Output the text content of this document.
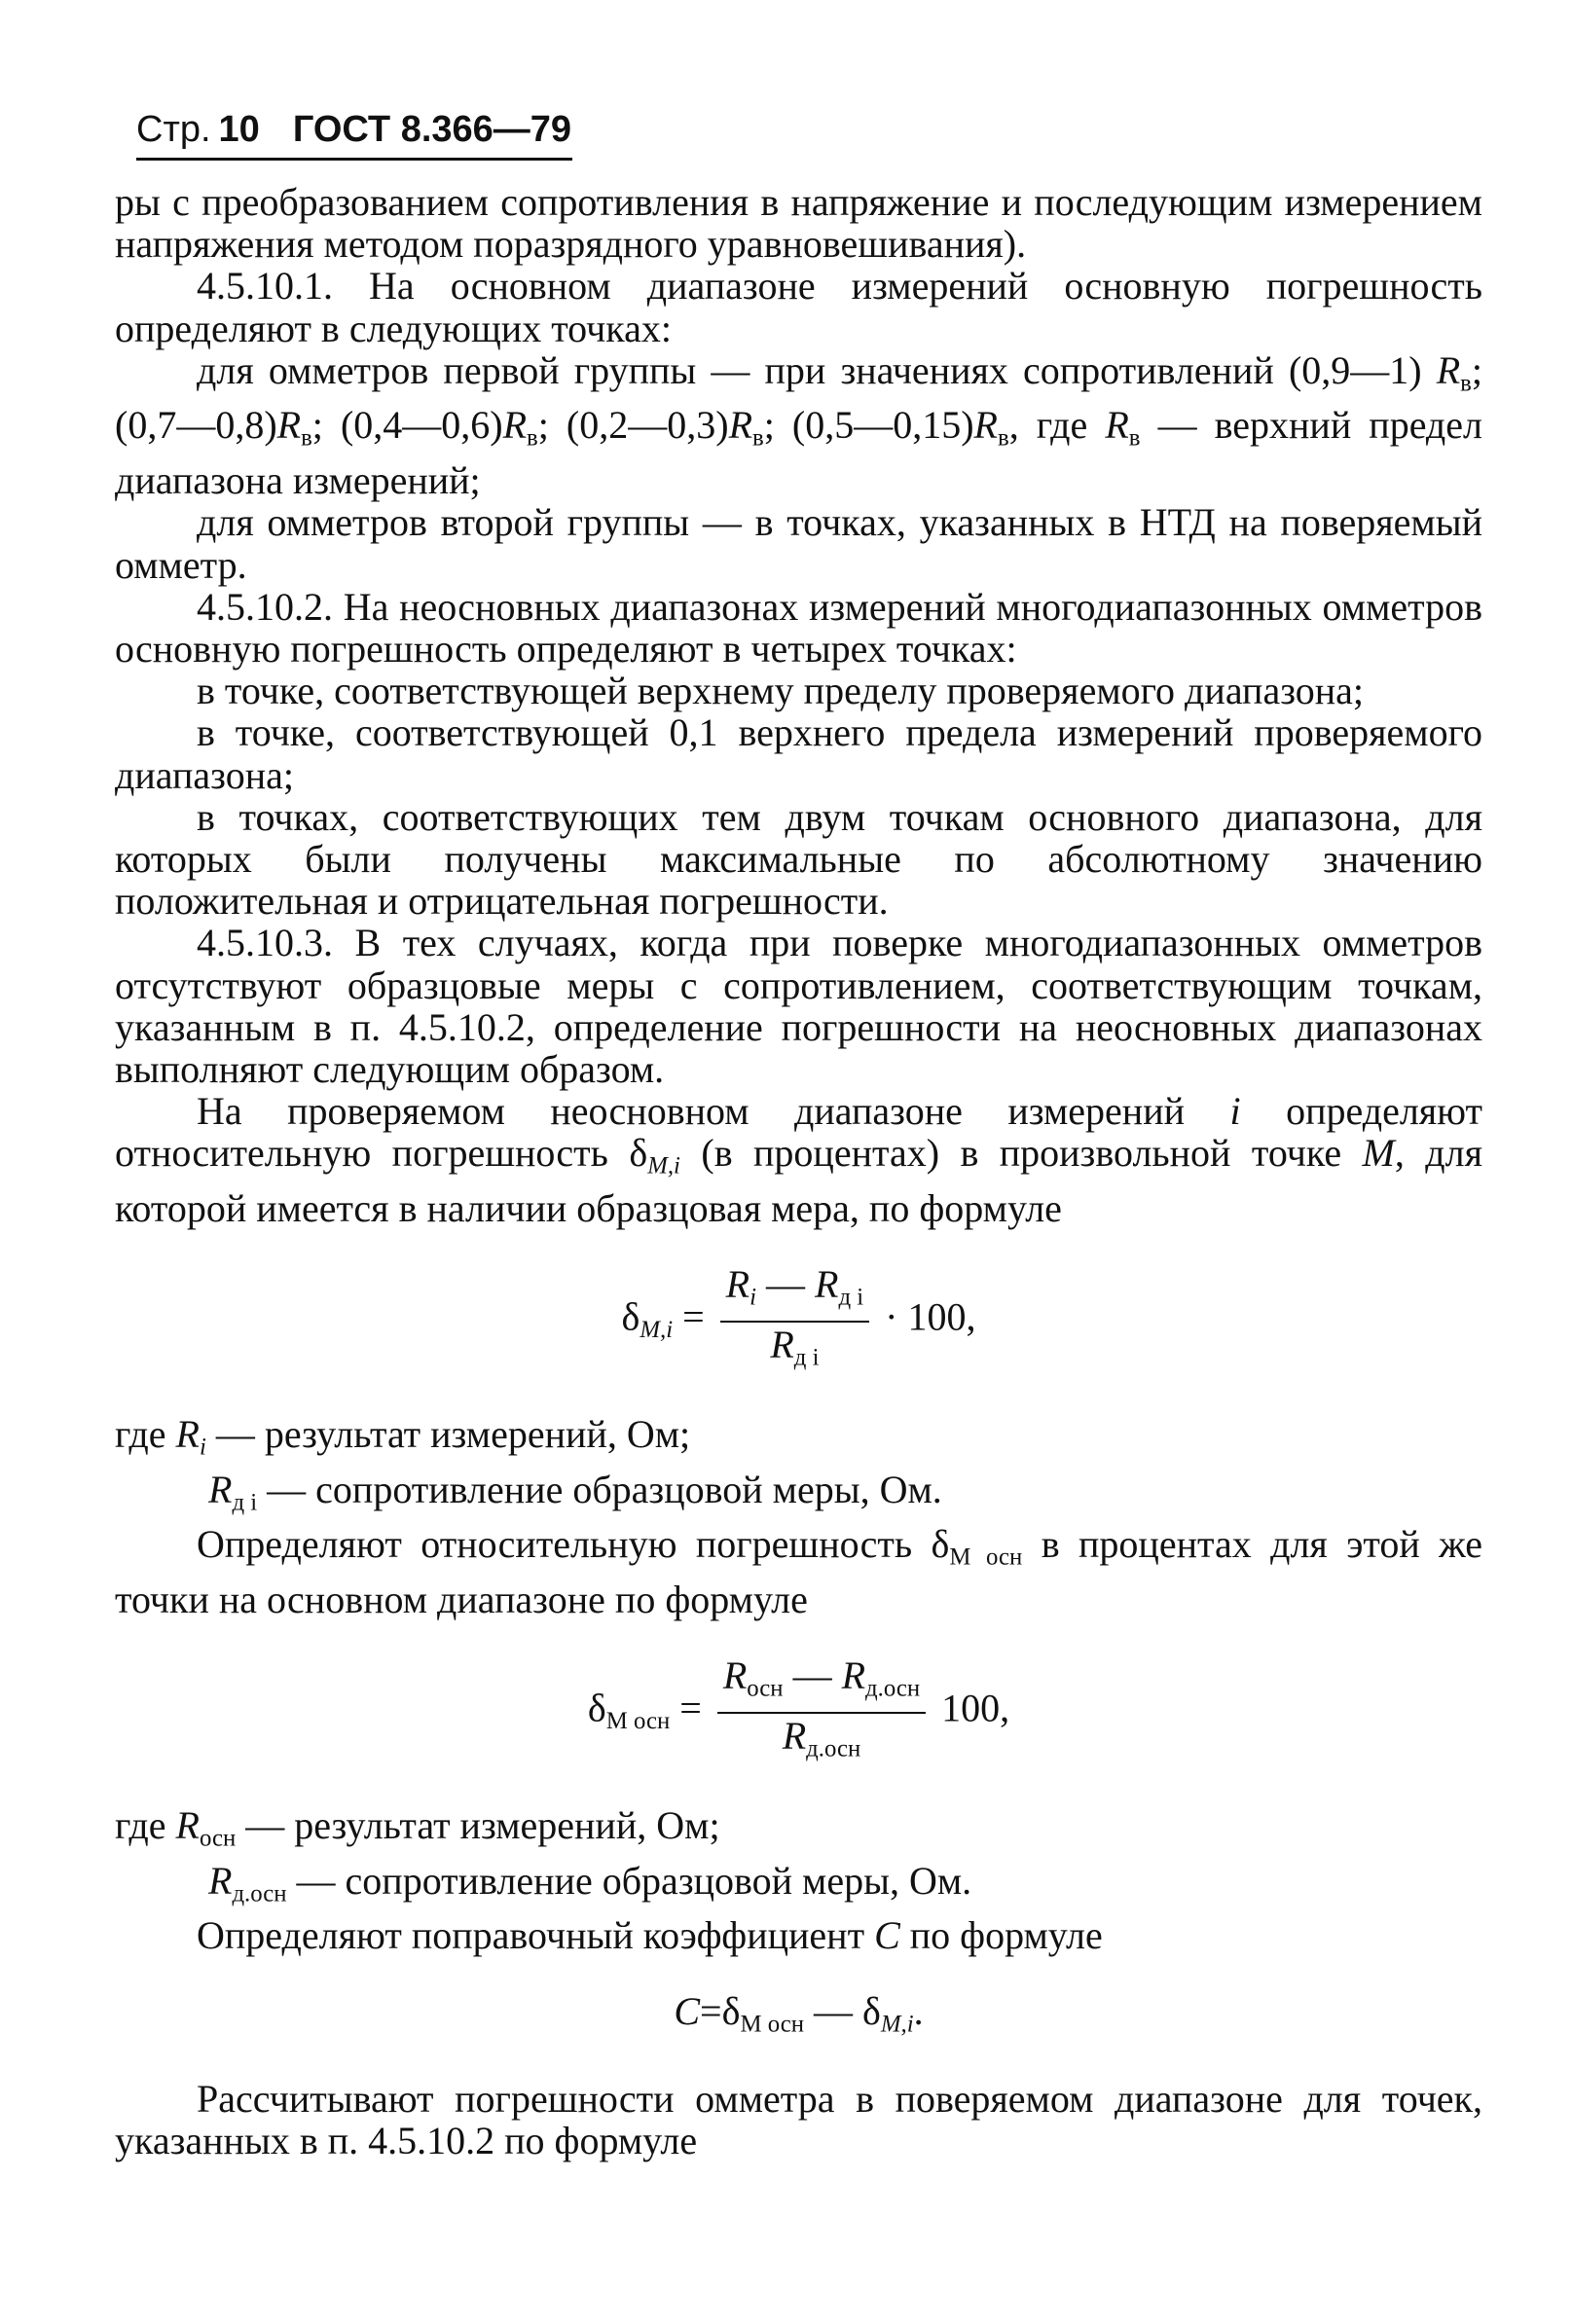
Стр. 10 ГОСТ 8.366—79

ры с преобразованием сопротивления в напряжение и последующим измерением напряжения методом поразрядного уравновешивания).

4.5.10.1. На основном диапазоне измерений основную погрешность определяют в следующих точках:

для омметров первой группы — при значениях сопротивлений (0,9—1) $R_в$; $(0,7—0,8)R_в$; $(0,4—0,6)R_в$; $(0,2—0,3)R_в$; $(0,5—0,15)R_в$, где $R_в$ — верхний предел диапазона измерений;

для омметров второй группы — в точках, указанных в НТД на поверяемый омметр.

4.5.10.2. На неосновных диапазонах измерений многодиапазонных омметров основную погрешность определяют в четырех точках:

в точке, соответствующей верхнему пределу проверяемого диапазона;

в точке, соответствующей 0,1 верхнего предела измерений проверяемого диапазона;

в точках, соответствующих тем двум точкам основного диапазона, для которых были получены максимальные по абсолютному значению положительная и отрицательная погрешности.

4.5.10.3. В тех случаях, когда при поверке многодиапазонных омметров отсутствуют образцовые меры с сопротивлением, соответствующим точкам, указанным в п. 4.5.10.2, определение погрешности на неосновных диапазонах выполняют следующим образом.

На проверяемом неосновном диапазоне измерений i определяют относительную погрешность $\delta_{M,i}$ (в процентах) в произвольной точке M, для которой имеется в наличии образцовая мера, по формуле

$\delta_{M,i} = \frac{R_i — R_{д i}}{R_{д i}} \cdot 100$,

где $R_i$ — результат измерений, Ом;

$R_{д i}$ — сопротивление образцовой меры, Ом.

Определяют относительную погрешность $\delta_{M осн}$ в процентах для этой же точки на основном диапазоне по формуле

$\delta_{M осн} = \frac{R_{осн} — R_{д.осн}}{R_{д.осн}} 100$,

где $R_{осн}$ — результат измерений, Ом;

$R_{д.осн}$ — сопротивление образцовой меры, Ом.

Определяют поправочный коэффициент C по формуле

$C=\delta_{M осн}$ — $\delta_{M,i}$.

Рассчитывают погрешности омметра в поверяемом диапазоне для точек, указанных в п. 4.5.10.2 по формуле
